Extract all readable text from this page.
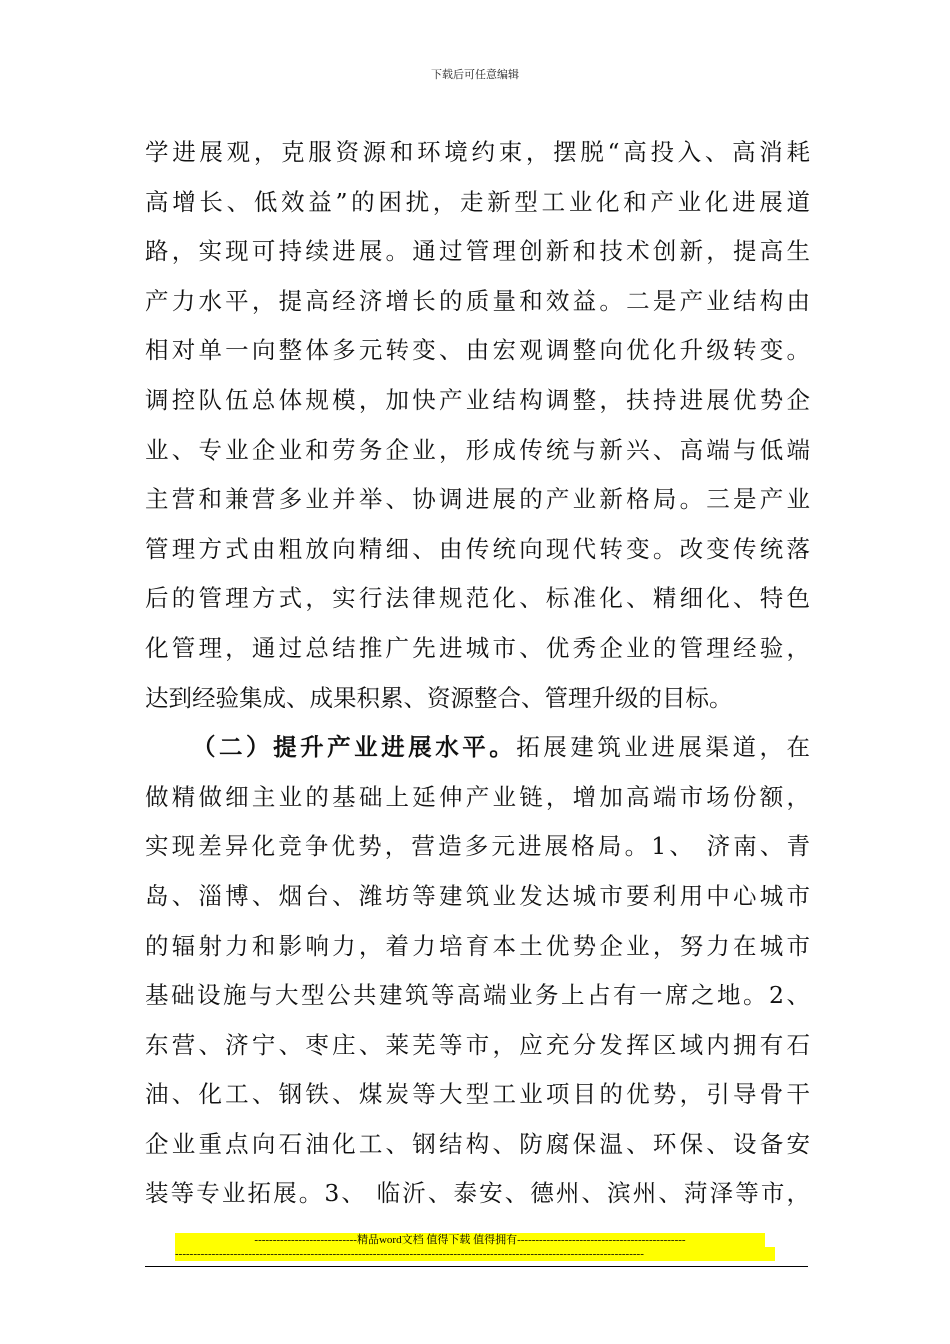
下载后可任意编辑
学进展观，克服资源和环境约束，摆脱“高投入、高消耗
高增长、低效益”的困扰，走新型工业化和产业化进展道
路，实现可持续进展。通过管理创新和技术创新，提高生
产力水平，提高经济增长的质量和效益。二是产业结构由
相对单一向整体多元转变、由宏观调整向优化升级转变。
调控队伍总体规模，加快产业结构调整，扶持进展优势企
业、专业企业和劳务企业，形成传统与新兴、高端与低端
主营和兼营多业并举、协调进展的产业新格局。三是产业
管理方式由粗放向精细、由传统向现代转变。改变传统落
后的管理方式，实行法律规范化、标准化、精细化、特色
化管理，通过总结推广先进城市、优秀企业的管理经验，
达到经验集成、成果积累、资源整合、管理升级的目标。
（二）提升产业进展水平。拓展建筑业进展渠道，在
做精做细主业的基础上延伸产业链，增加高端市场份额，
实现差异化竞争优势，营造多元进展格局。1、 济南、青
岛、淄博、烟台、潍坊等建筑业发达城市要利用中心城市
的辐射力和影响力，着力培育本土优势企业，努力在城市
基础设施与大型公共建筑等高端业务上占有一席之地。2、
东营、济宁、枣庄、莱芜等市，应充分发挥区域内拥有石
油、化工、钢铁、煤炭等大型工业项目的优势，引导骨干
企业重点向石油化工、钢结构、防腐保温、环保、设备安
装等专业拓展。3、 临沂、泰安、德州、滨州、菏泽等市，
----------------------------精品word文档 值得下载 值得拥有----------------------------------------------
--------------------------------------------------------------------------------------------------------------------------------
